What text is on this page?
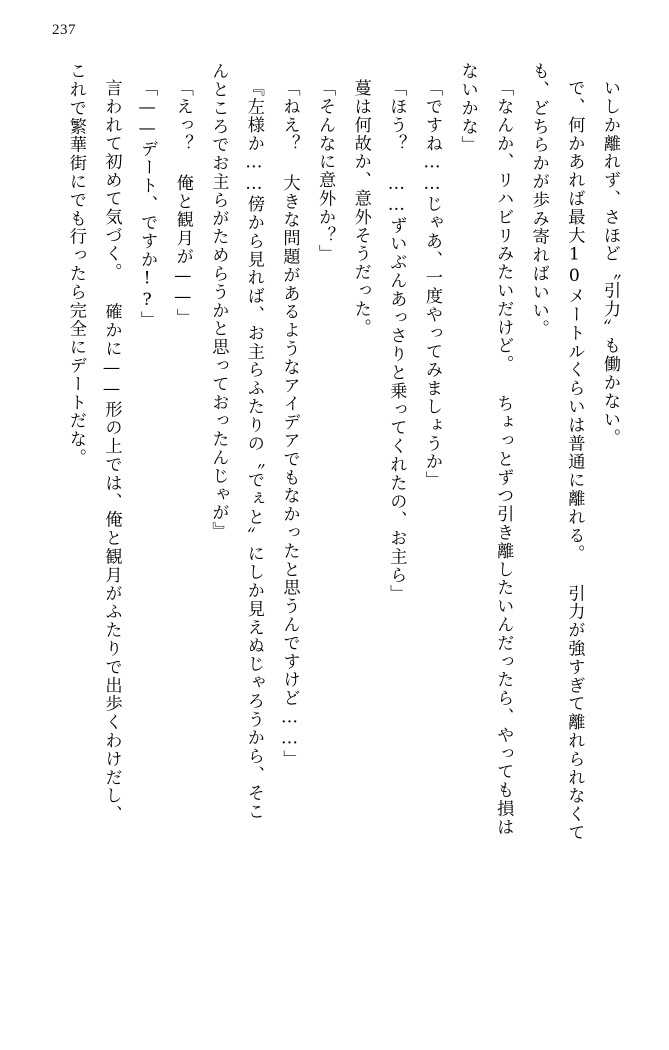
237

いしか離れず、さほど〝引力〟も働かない。

で、何かあれば最大10メートルくらいは普通に離れる。 引力が強すぎて離れられなくて

も、どちらかが歩み寄ればいい。

「なんか、リハビリみたいだけど。 ちょっとずつ引き離したいんだったら、やっても損は

ないかな」

「ですね……じゃあ、一度やってみましょうか」

「ほう？ ……ずいぶんあっさりと乗ってくれたの、お主ら」

蔓は何故か、意外そうだった。

「そんなに意外か？」

「ねえ？ 大きな問題があるようなアイデアでもなかったと思うんですけど……」

『左様か……傍から見れば、お主らふたりの〝でぇと〟にしか見えぬじゃろうから、そこ

んところでお主らがためらうかと思っておったんじゃが』

「えっ？ 俺と観月が——」

「——デート、ですか!?」

言われて初めて気づく。 確かに——形の上では、俺と観月がふたりで出歩くわけだし、

これで繁華街にでも行ったら完全にデートだな。
